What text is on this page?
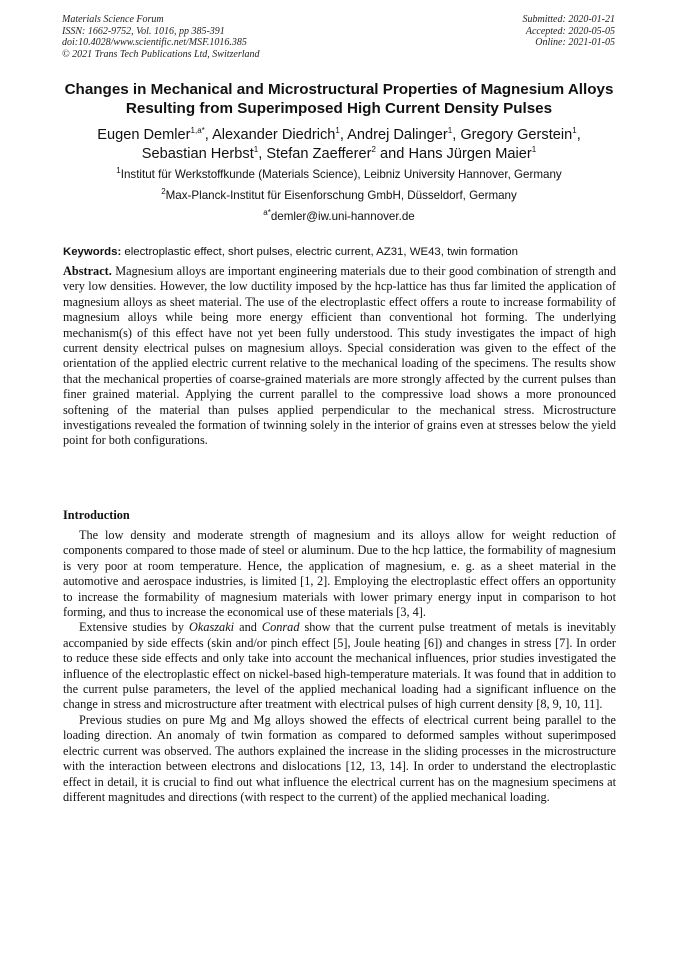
Materials Science Forum
ISSN: 1662-9752, Vol. 1016, pp 385-391
doi:10.4028/www.scientific.net/MSF.1016.385
© 2021 Trans Tech Publications Ltd, Switzerland
Submitted: 2020-01-21
Accepted: 2020-05-05
Online: 2021-01-05
Changes in Mechanical and Microstructural Properties of Magnesium Alloys Resulting from Superimposed High Current Density Pulses
Eugen Demler$^{1,a*}$, Alexander Diedrich$^1$, Andrej Dalinger$^1$, Gregory Gerstein$^1$,
Sebastian Herbst$^1$, Stefan Zaefferer$^2$ and Hans Jürgen Maier$^1$
$^1$Institut für Werkstoffkunde (Materials Science), Leibniz University Hannover, Germany
$^2$Max-Planck-Institut für Eisenforschung GmbH, Düsseldorf, Germany
$^{a*}$demler@iw.uni-hannover.de
Keywords: electroplastic effect, short pulses, electric current, AZ31, WE43, twin formation
Abstract. Magnesium alloys are important engineering materials due to their good combination of strength and very low densities. However, the low ductility imposed by the hcp-lattice has thus far limited the application of magnesium alloys as sheet material. The use of the electroplastic effect offers a route to increase formability of magnesium alloys while being more energy efficient than conventional hot forming. The underlying mechanism(s) of this effect have not yet been fully understood. This study investigates the impact of high current density electrical pulses on magnesium alloys. Special consideration was given to the effect of the orientation of the applied electric current relative to the mechanical loading of the specimens. The results show that the mechanical properties of coarse-grained materials are more strongly affected by the current pulses than finer grained material. Applying the current parallel to the compressive load shows a more pronounced softening of the material than pulses applied perpendicular to the mechanical stress. Microstructure investigations revealed the formation of twinning solely in the interior of grains even at stresses below the yield point for both configurations.
Introduction

The low density and moderate strength of magnesium and its alloys allow for weight reduction of components compared to those made of steel or aluminum. Due to the hcp lattice, the formability of magnesium is very poor at room temperature. Hence, the application of magnesium, e. g. as a sheet material in the automotive and aerospace industries, is limited [1, 2]. Employing the electroplastic effect offers an opportunity to increase the formability of magnesium materials with lower primary energy input in comparison to hot forming, and thus to increase the economical use of these materials [3, 4].

Extensive studies by Okaszaki and Conrad show that the current pulse treatment of metals is inevitably accompanied by side effects (skin and/or pinch effect [5], Joule heating [6]) and changes in stress [7]. In order to reduce these side effects and only take into account the mechanical influences, prior studies investigated the influence of the electroplastic effect on nickel-based high-temperature materials. It was found that in addition to the current pulse parameters, the level of the applied mechanical loading had a significant influence on the change in stress and microstructure after treatment with electrical pulses of high current density [8, 9, 10, 11].

Previous studies on pure Mg and Mg alloys showed the effects of electrical current being parallel to the loading direction. An anomaly of twin formation as compared to deformed samples without superimposed electric current was observed. The authors explained the increase in the sliding processes in the microstructure with the interaction between electrons and dislocations [12, 13, 14]. In order to understand the electroplastic effect in detail, it is crucial to find out what influence the electrical current has on the magnesium specimens at different magnitudes and directions (with respect to the current) of the applied mechanical loading.
